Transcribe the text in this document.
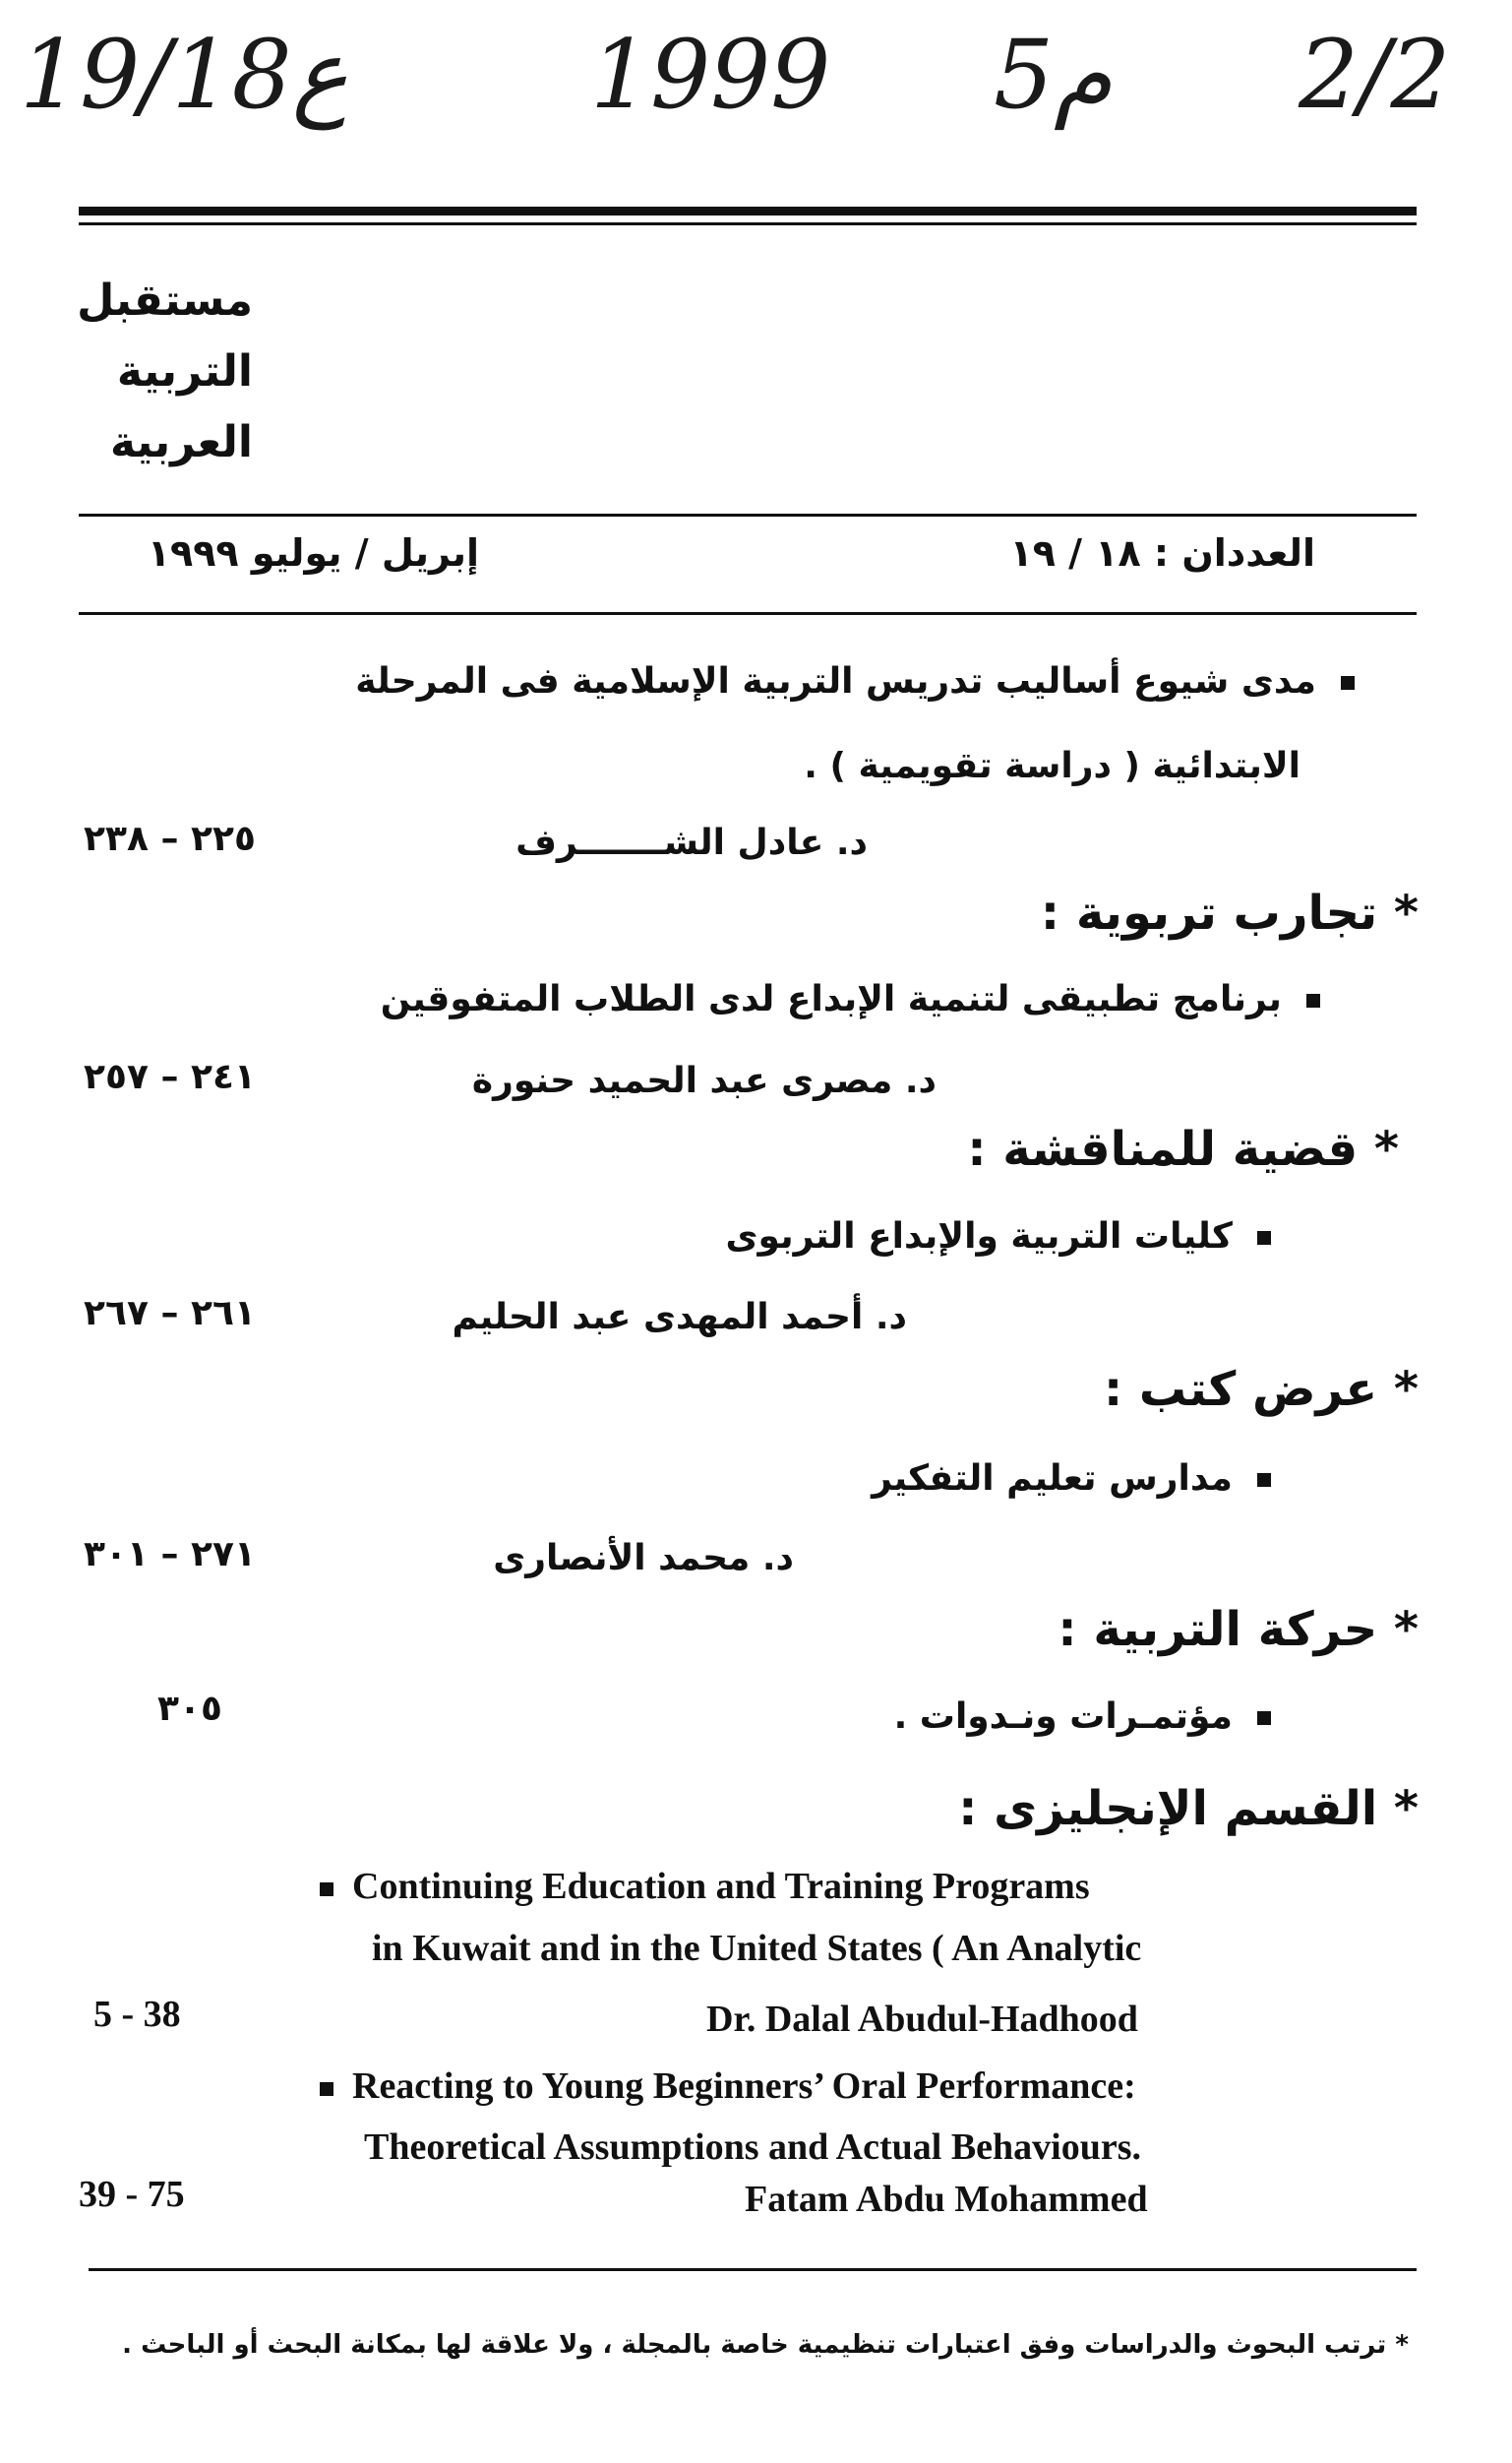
19/18ع	1999 5م 2/2
مستقبل
التربية
العربية
العددان : ١٨ / ١٩
إبريل / يوليو ١٩٩٩
مدى شيوع أساليب تدريس التربية الإسلامية فى المرحلة
الابتدائية ( دراسة تقويمية ) .
د. عادل الشـــــــرف
٢٢٥ – ٢٣٨
* تجارب تربوية :
برنامج تطبيقى لتنمية الإبداع لدى الطلاب المتفوقين
د. مصرى عبد الحميد حنورة
٢٤١ – ٢٥٧
* قضية للمناقشة :
كليات التربية والإبداع التربوى
د. أحمد المهدى عبد الحليم
٢٦١ – ٢٦٧
* عرض كتب :
مدارس تعليم التفكير
د. محمد الأنصارى
٢٧١ – ٣٠١
* حركة التربية :
مؤتمـرات ونـدوات .
٣٠٥
* القسم الإنجليزى :
Continuing Education and Training Programs
in Kuwait and in the United States ( An Analytic
Dr. Dalal Abudul-Hadhood
5 - 38
Reacting to Young Beginners’ Oral Performance:
Theoretical Assumptions and Actual Behaviours.
Fatam Abdu Mohammed
39 - 75
* ترتب البحوث والدراسات وفق اعتبارات تنظيمية خاصة بالمجلة ، ولا علاقة لها بمكانة البحث أو الباحث .
